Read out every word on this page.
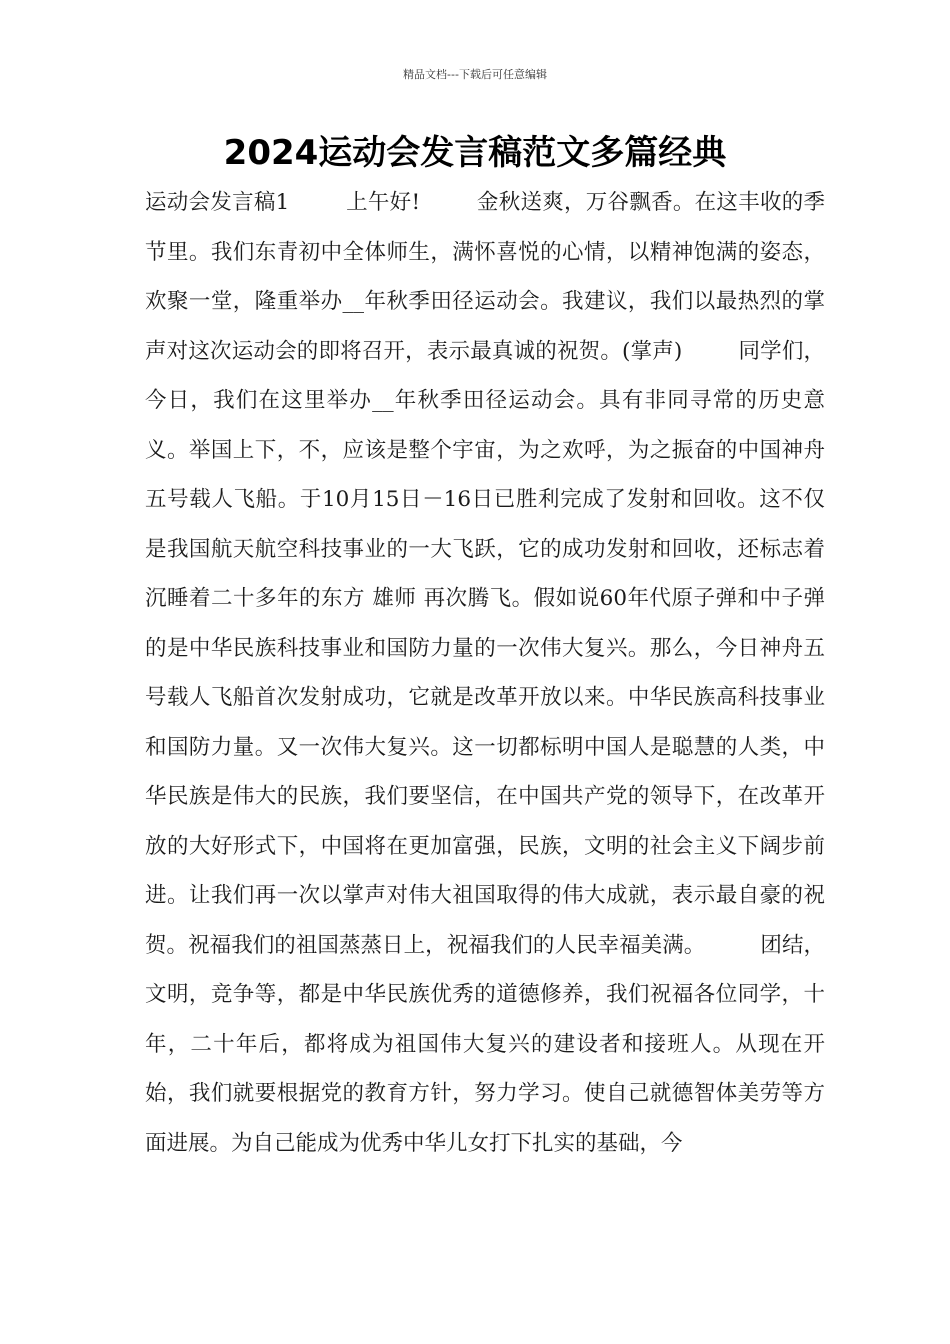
精品文档---下载后可任意编辑
2024运动会发言稿范文多篇经典

运动会发言稿1        上午好!        金秋送爽，万谷飘香。在这丰收的季节里。我们东青初中全体师生，满怀喜悦的心情，以精神饱满的姿态，欢聚一堂，隆重举办__年秋季田径运动会。我建议，我们以最热烈的掌声对这次运动会的即将召开，表示最真诚的祝贺。(掌声)        同学们，今日，我们在这里举办__年秋季田径运动会。具有非同寻常的历史意义。举国上下，不，应该是整个宇宙，为之欢呼，为之振奋的中国神舟五号载人飞船。于10月15日－16日已胜利完成了发射和回收。这不仅是我国航天航空科技事业的一大飞跃，它的成功发射和回收，还标志着沉睡着二十多年的东方 雄师 再次腾飞。假如说60年代原子弹和中子弹的是中华民族科技事业和国防力量的一次伟大复兴。那么，今日神舟五号载人飞船首次发射成功，它就是改革开放以来。中华民族高科技事业和国防力量。又一次伟大复兴。这一切都标明中国人是聪慧的人类，中华民族是伟大的民族，我们要坚信，在中国共产党的领导下，在改革开放的大好形式下，中国将在更加富强，民族，文明的社会主义下阔步前进。让我们再一次以掌声对伟大祖国取得的伟大成就，表示最自豪的祝贺。祝福我们的祖国蒸蒸日上，祝福我们的人民幸福美满。        团结，文明，竞争等，都是中华民族优秀的道德修养，我们祝福各位同学，十年，二十年后，都将成为祖国伟大复兴的建设者和接班人。从现在开始，我们就要根据党的教育方针，努力学习。使自己就德智体美劳等方面进展。为自己能成为优秀中华儿女打下扎实的基础，今
